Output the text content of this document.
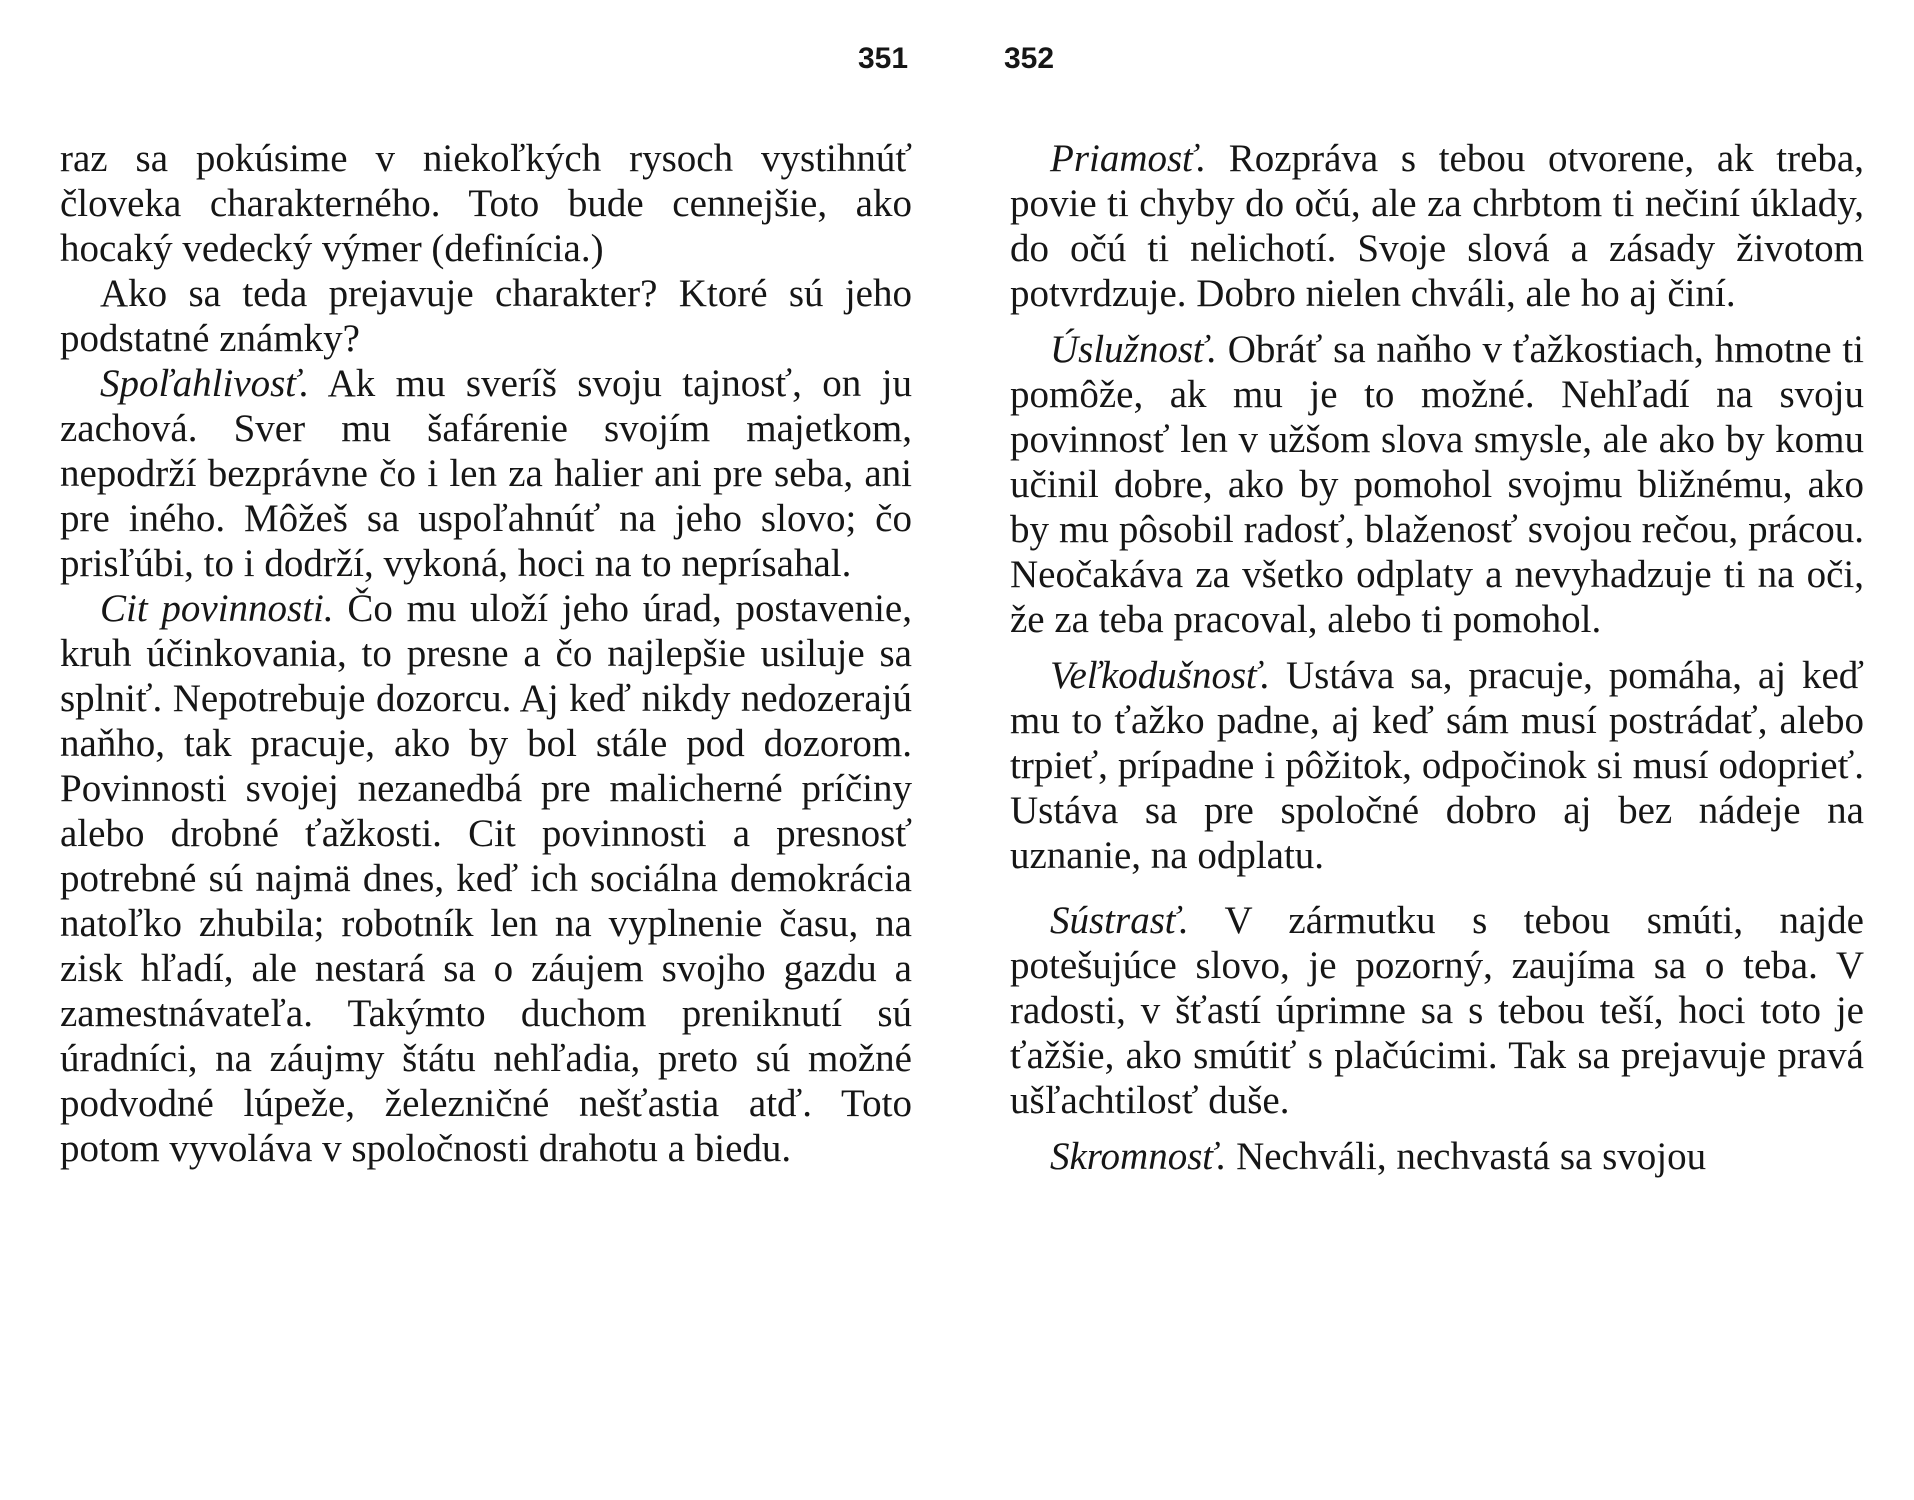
351	352

raz sa pokúsime v niekoľkých rysoch vystihnúť človeka charakterného. Toto bude cennejšie, ako hocaký vedecký výmer (definícia.)

Ako sa teda prejavuje charakter? Ktoré sú jeho podstatné známky?

Spoľahlivosť. Ak mu sveríš svoju tajnosť, on ju zachová. Sver mu šafárenie svojím majetkom, nepodrží bezprávne čo i len za halier ani pre seba, ani pre iného. Môžeš sa uspoľahnúť na jeho slovo; čo prisľúbi, to i dodrží, vykoná, hoci na to neprísahal.

Cit povinnosti. Čo mu uloží jeho úrad, postavenie, kruh účinkovania, to presne a čo najlepšie usiluje sa splniť. Nepotrebuje dozorcu. Aj keď nikdy nedozerajú naňho, tak pracuje, ako by bol stále pod dozorom. Povinnosti svojej nezanedbá pre malicherné príčiny alebo drobné ťažkosti. Cit povinnosti a presnosť potrebné sú najmä dnes, keď ich sociálna demokrácia natoľko zhubila; robotník len na vyplnenie času, na zisk hľadí, ale nestará sa o záujem svojho gazdu a zamestnávateľa. Takýmto duchom preniknutí sú úradníci, na záujmy štátu nehľadia, preto sú možné podvodné lúpeže, železničné nešťastia atď. Toto potom vyvoláva v spoločnosti drahotu a biedu.

Priamosť. Rozpráva s tebou otvorene, ak treba, povie ti chyby do očú, ale za chrbtom ti nečiní úklady, do očú ti nelichotí. Svoje slová a zásady životom potvrdzuje. Dobro nielen chváli, ale ho aj činí.

Úslužnosť. Obráť sa naňho v ťažkostiach, hmotne ti pomôže, ak mu je to možné. Nehľadí na svoju povinnosť len v užšom slova smysle, ale ako by komu učinil dobre, ako by pomohol svojmu bližnému, ako by mu pôsobil radosť, blaženosť svojou rečou, prácou. Neočakáva za všetko odplaty a nevyhadzuje ti na oči, že za teba pracoval, alebo ti pomohol.

Veľkodušnosť. Ustáva sa, pracuje, pomáha, aj keď mu to ťažko padne, aj keď sám musí postrádať, alebo trpieť, prípadne i pôžitok, odpočinok si musí odoprieť. Ustáva sa pre spoločné dobro aj bez nádeje na uznanie, na odplatu.

Sústrasť. V zármutku s tebou smúti, najde potešujúce slovo, je pozorný, zaujíma sa o teba. V radosti, v šťastí úprimne sa s tebou teší, hoci toto je ťažšie, ako smútiť s plačúcimi. Tak sa prejavuje pravá ušľachtilosť duše.

Skromnosť. Nechváli, nechvastá sa svojou
